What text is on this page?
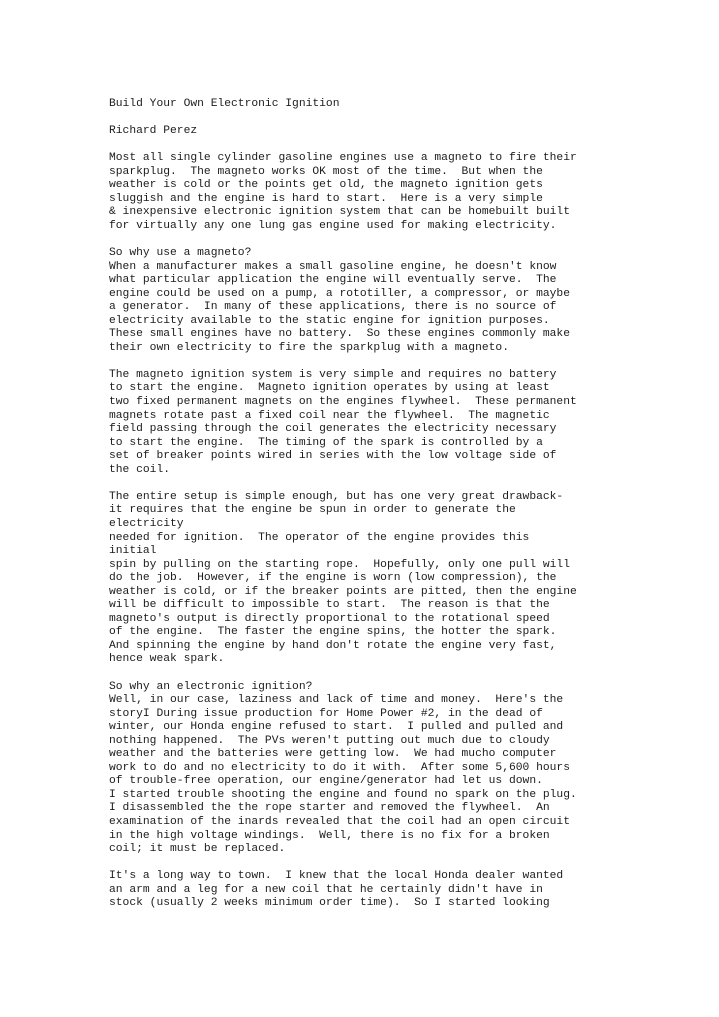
Build Your Own Electronic Ignition
Richard Perez
Most all single cylinder gasoline engines use a magneto to fire their
sparkplug.  The magneto works OK most of the time.  But when the
weather is cold or the points get old, the magneto ignition gets
sluggish and the engine is hard to start.  Here is a very simple
& inexpensive electronic ignition system that can be homebuilt built
for virtually any one lung gas engine used for making electricity.
So why use a magneto?
When a manufacturer makes a small gasoline engine, he doesn't know
what particular application the engine will eventually serve.  The
engine could be used on a pump, a rototiller, a compressor, or maybe
a generator.  In many of these applications, there is no source of
electricity available to the static engine for ignition purposes.
These small engines have no battery.  So these engines commonly make
their own electricity to fire the sparkplug with a magneto.
The magneto ignition system is very simple and requires no battery
to start the engine.  Magneto ignition operates by using at least
two fixed permanent magnets on the engines flywheel.  These permanent
magnets rotate past a fixed coil near the flywheel.  The magnetic
field passing through the coil generates the electricity necessary
to start the engine.  The timing of the spark is controlled by a
set of breaker points wired in series with the low voltage side of
the coil.
The entire setup is simple enough, but has one very great drawback-
it requires that the engine be spun in order to generate the
electricity
needed for ignition.  The operator of the engine provides this
initial
spin by pulling on the starting rope.  Hopefully, only one pull will
do the job.  However, if the engine is worn (low compression), the
weather is cold, or if the breaker points are pitted, then the engine
will be difficult to impossible to start.  The reason is that the
magneto's output is directly proportional to the rotational speed
of the engine.  The faster the engine spins, the hotter the spark.
And spinning the engine by hand don't rotate the engine very fast,
hence weak spark.
So why an electronic ignition?
Well, in our case, laziness and lack of time and money.  Here's the
storyI During issue production for Home Power #2, in the dead of
winter, our Honda engine refused to start.  I pulled and pulled and
nothing happened.  The PVs weren't putting out much due to cloudy
weather and the batteries were getting low.  We had mucho computer
work to do and no electricity to do it with.  After some 5,600 hours
of trouble-free operation, our engine/generator had let us down.
I started trouble shooting the engine and found no spark on the plug.
I disassembled the the rope starter and removed the flywheel.  An
examination of the inards revealed that the coil had an open circuit
in the high voltage windings.  Well, there is no fix for a broken
coil; it must be replaced.
It's a long way to town.  I knew that the local Honda dealer wanted
an arm and a leg for a new coil that he certainly didn't have in
stock (usually 2 weeks minimum order time).  So I started looking
